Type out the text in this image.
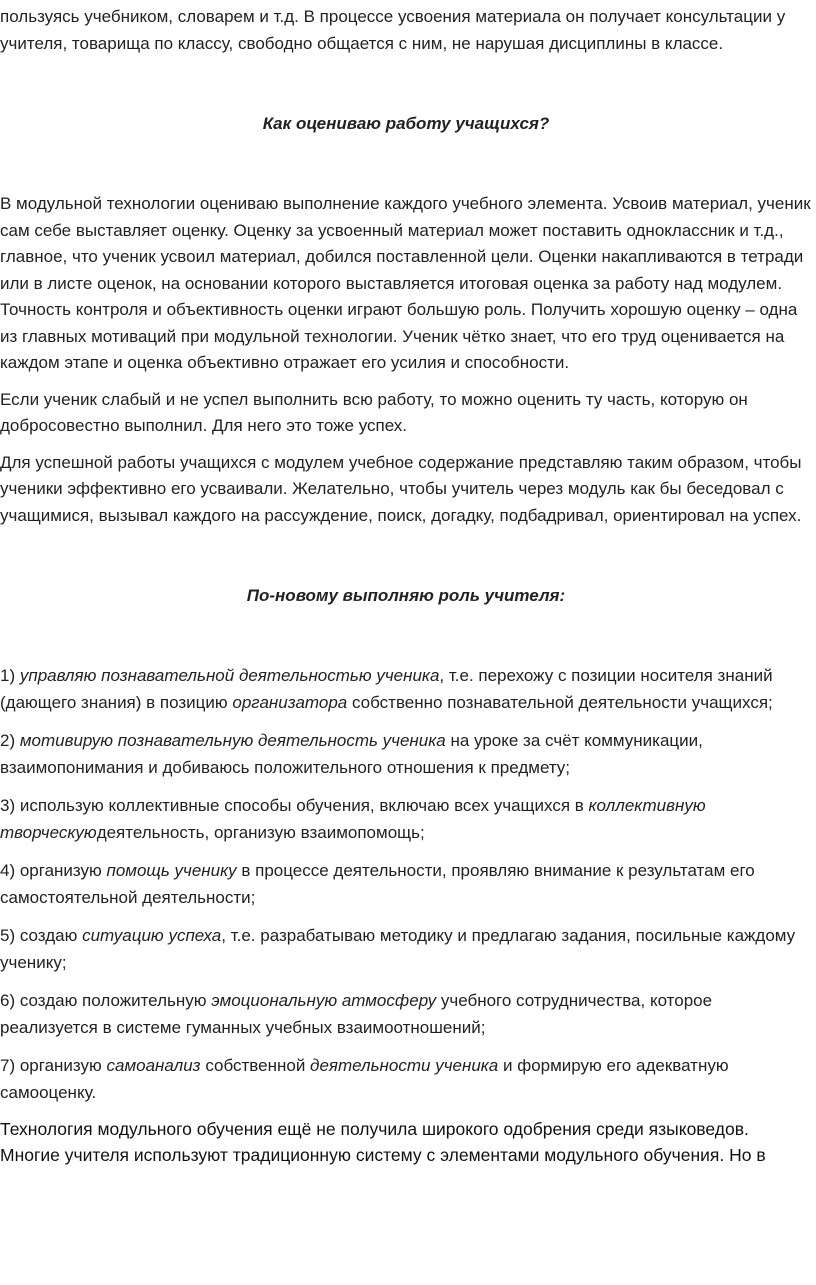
пользуясь учебником, словарем и т.д. В процессе усвоения материала он получает консультации у учителя, товарища по классу, свободно общается с ним, не нарушая дисциплины в классе.

Как оцениваю работу учащихся?

В модульной технологии оцениваю выполнение каждого учебного элемента. Усвоив материал, ученик сам себе выставляет оценку. Оценку за усвоенный материал может поставить одноклассник и т.д., главное, что ученик усвоил материал, добился поставленной цели. Оценки накапливаются в тетради или в листе оценок, на основании которого выставляется итоговая оценка за работу над модулем. Точность контроля и объективность оценки играют большую роль. Получить хорошую оценку – одна из главных мотиваций при модульной технологии. Ученик чётко знает, что его труд оценивается на каждом этапе и оценка объективно отражает его усилия и способности.

Если ученик слабый и не успел выполнить всю работу, то можно оценить ту часть, которую он добросовестно выполнил. Для него это тоже успех.

Для успешной работы учащихся с модулем учебное содержание представляю таким образом, чтобы ученики эффективно его усваивали. Желательно, чтобы учитель через модуль как бы беседовал с учащимися, вызывал каждого на рассуждение, поиск, догадку, подбадривал, ориентировал на успех.

По-новому выполняю роль учителя:

1) управляю познавательной деятельностью ученика, т.е. перехожу с позиции носителя знаний (дающего знания) в позицию организатора собственно познавательной деятельности учащихся;

2) мотивирую познавательную деятельность ученика на уроке за счёт коммуникации, взаимопонимания и добиваюсь положительного отношения к предмету;

3) использую коллективные способы обучения, включаю всех учащихся в коллективную творческуюдеятельность, организую взаимопомощь;

4) организую помощь ученику в процессе деятельности, проявляю внимание к результатам его самостоятельной деятельности;

5) создаю ситуацию успеха, т.е. разрабатываю методику и предлагаю задания, посильные каждому ученику;

6) создаю положительную эмоциональную атмосферу учебного сотрудничества, которое реализуется в системе гуманных учебных взаимоотношений;

7) организую самоанализ собственной деятельности ученика и формирую его адекватную самооценку.

Технология модульного обучения ещё не получила широкого одобрения среди языковедов. Многие учителя используют традиционную систему с элементами модульного обучения. Но в
